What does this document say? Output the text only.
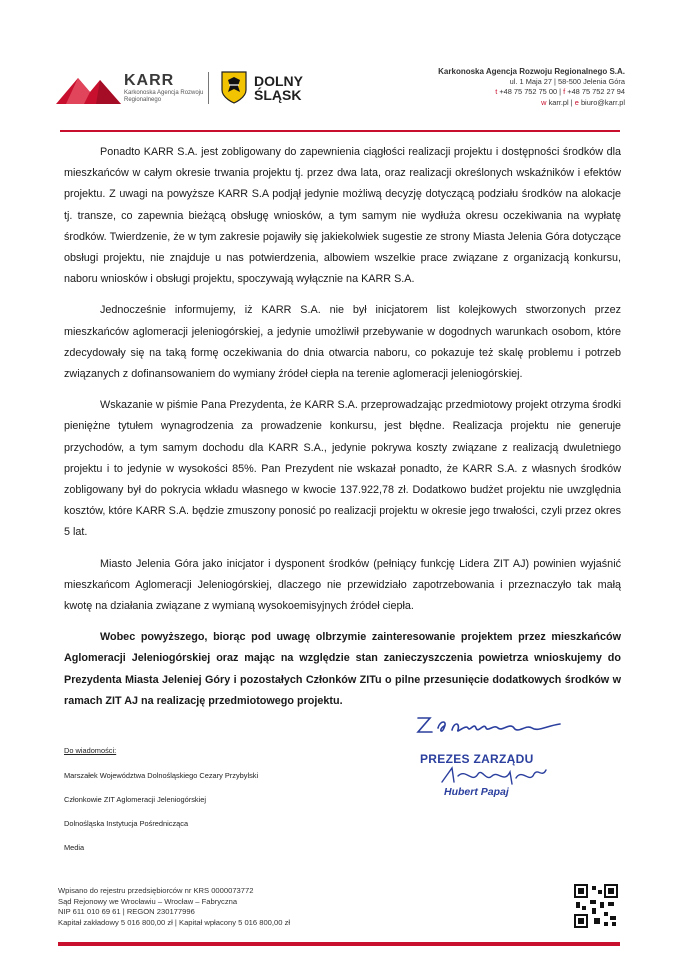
KARR
Karkonoska Agencja Rozwoju Regionalnego
DOLNY
ŚLĄSK
Karkonoska Agencja Rozwoju Regionalnego S.A.
ul. 1 Maja 27 | 58-500 Jelenia Góra
t +48 75 752 75 00 | f +48 75 752 27 94
w karr.pl | e biuro@karr.pl

Ponadto KARR S.A. jest zobligowany do zapewnienia ciągłości realizacji projektu i dostępności środków dla mieszkańców w całym okresie trwania projektu tj. przez dwa lata, oraz realizacji określonych wskaźników i efektów projektu. Z uwagi na powyższe KARR S.A podjął jedynie możliwą decyzję dotyczącą podziału środków na alokacje tj. transze, co zapewnia bieżącą obsługę wniosków, a tym samym nie wydłuża okresu oczekiwania na wypłatę środków. Twierdzenie, że w tym zakresie pojawiły się jakiekolwiek sugestie ze strony Miasta Jelenia Góra dotyczące obsługi projektu, nie znajduje u nas potwierdzenia, albowiem wszelkie prace związane z organizacją konkursu, naboru wniosków i obsługi projektu, spoczywają wyłącznie na KARR S.A.

Jednocześnie informujemy, iż KARR S.A. nie był inicjatorem list kolejkowych stworzonych przez mieszkańców aglomeracji jeleniogórskiej, a jedynie umożliwił przebywanie w dogodnych warunkach osobom, które zdecydowały się na taką formę oczekiwania do dnia otwarcia naboru, co pokazuje też skalę problemu i potrzeb związanych z dofinansowaniem do wymiany źródeł ciepła na terenie aglomeracji jeleniogórskiej.

Wskazanie w piśmie Pana Prezydenta, że KARR S.A. przeprowadzając przedmiotowy projekt otrzyma środki pieniężne tytułem wynagrodzenia za prowadzenie konkursu, jest błędne. Realizacja projektu nie generuje przychodów, a tym samym dochodu dla KARR S.A., jedynie pokrywa koszty związane z realizacją dwuletniego projektu i to jedynie w wysokości 85%. Pan Prezydent nie wskazał ponadto, że KARR S.A. z własnych środków zobligowany był do pokrycia wkładu własnego w kwocie 137.922,78 zł. Dodatkowo budżet projektu nie uwzględnia kosztów, które KARR S.A. będzie zmuszony ponosić po realizacji projektu w okresie jego trwałości, czyli przez okres 5 lat.

Miasto Jelenia Góra jako inicjator i dysponent środków (pełniący funkcję Lidera ZIT AJ) powinien wyjaśnić mieszkańcom Aglomeracji Jeleniogórskiej, dlaczego nie przewidziało zapotrzebowania i przeznaczyło tak małą kwotę na działania związane z wymianą wysokoemisyjnych źródeł ciepła.

Wobec powyższego, biorąc pod uwagę olbrzymie zainteresowanie projektem przez mieszkańców Aglomeracji Jeleniogórskiej oraz mając na względzie stan zanieczyszczenia powietrza wnioskujemy do Prezydenta Miasta Jeleniej Góry i pozostałych Członków ZITu o pilne przesunięcie dodatkowych środków w ramach ZIT AJ na realizację przedmiotowego projektu.

Z poważaniem
PREZES ZARZĄDU
Hubert Papaj
Do wiadomości:
Marszałek Województwa Dolnośląskiego Cezary Przybylski
Członkowie ZIT Aglomeracji Jeleniogórskiej
Dolnośląska Instytucja Pośrednicząca
Media
Wpisano do rejestru przedsiębiorców nr KRS 0000073772
Sąd Rejonowy we Wrocławiu – Wrocław – Fabryczna
NIP 611 010 69 61 | REGON 230177996
Kapitał zakładowy 5 016 800,00 zł | Kapitał wpłacony 5 016 800,00 zł
